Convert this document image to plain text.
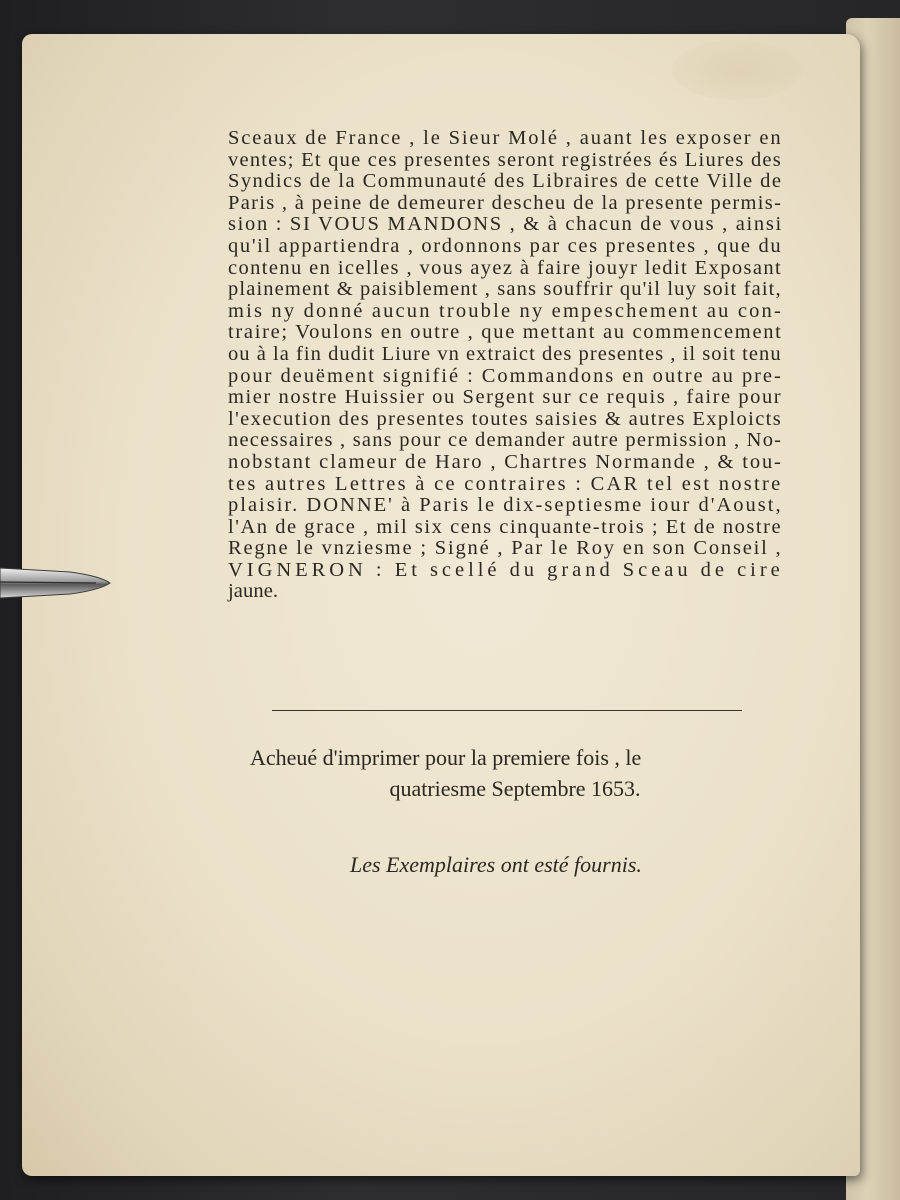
Sceaux de France , le Sieur Molé , auant les exposer en
ventes; Et que ces presentes seront registrées és Liures des
Syndics de la Communauté des Libraires de cette Ville de
Paris , à peine de demeurer descheu de la presente permis-
sion : SI VOUS MANDONS , & à chacun de vous , ainsi
qu'il appartiendra , ordonnons par ces presentes , que du
contenu en icelles , vous ayez à faire jouyr ledit Exposant
plainement & paisiblement , sans souffrir qu'il luy soit fait,
mis ny donné aucun trouble ny empeschement au con-
traire; Voulons en outre , que mettant au commencement
ou à la fin dudit Liure vn extraict des presentes , il soit tenu
pour deuëment signifié : Commandons en outre au pre-
mier nostre Huissier ou Sergent sur ce requis , faire pour
l'execution des presentes toutes saisies & autres Exploicts
necessaires , sans pour ce demander autre permission , No-
nobstant clameur de Haro , Chartres Normande , & tou-
tes autres Lettres à ce contraires : CAR tel est nostre
plaisir. DONNE' à Paris le dix-septiesme iour d'Aoust,
l'An de grace , mil six cens cinquante-trois ; Et de nostre
Regne le vnziesme ; Signé , Par le Roy en son Conseil ,
VIGNERON : Et scellé du grand Sceau de cire
jaune.
Acheué d'imprimer pour la premiere fois , le
quatriesme Septembre 1653.
Les Exemplaires ont esté fournis.
